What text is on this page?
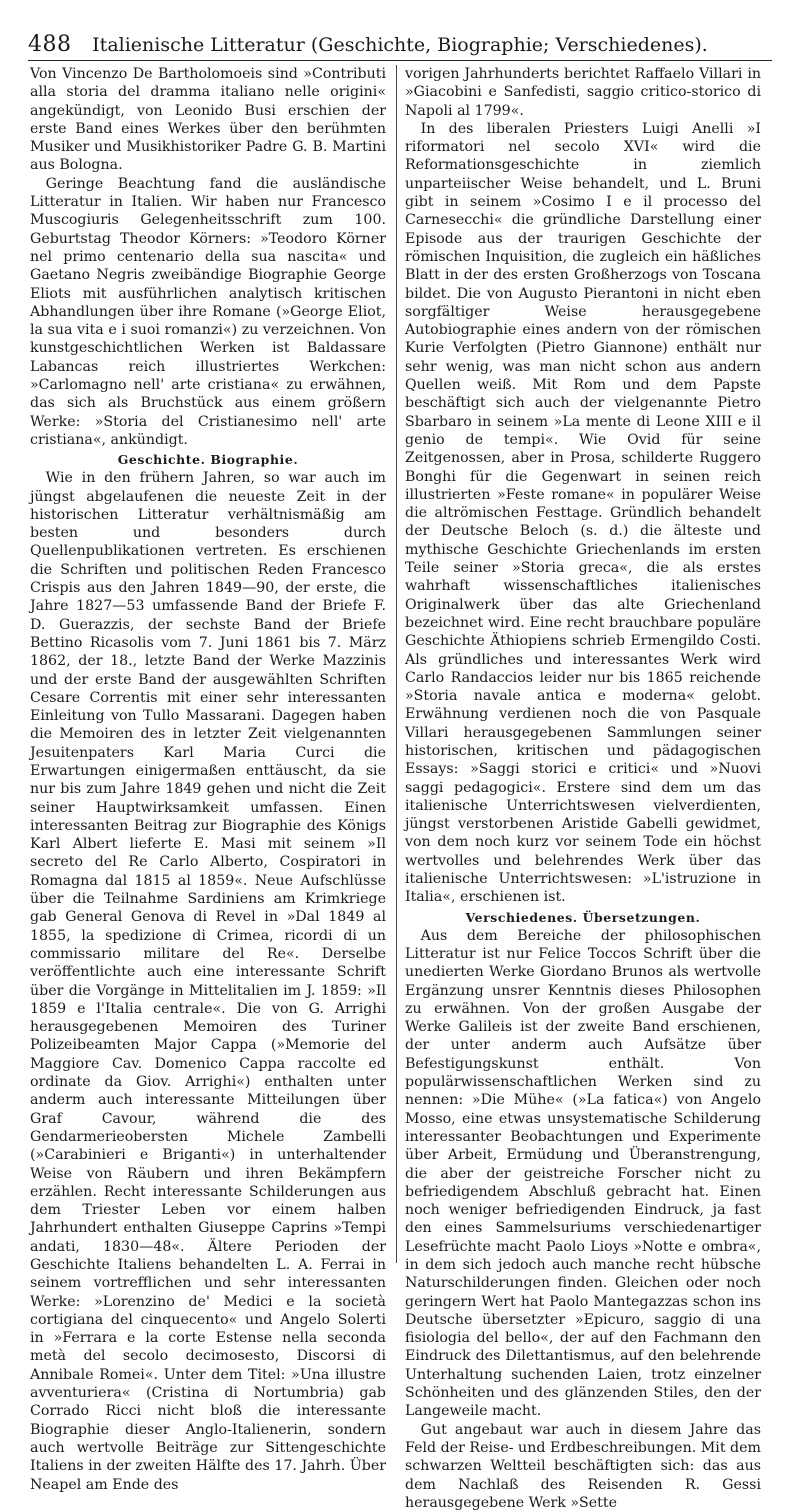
488	Italienische Litteratur (Geschichte, Biographie; Verschiedenes).

Von Vincenzo De Bartholomoeis sind »Contributi alla storia del dramma italiano nelle origini« angekündigt, von Leonido Busi erschien der erste Band eines Werkes über den berühmten Musiker und Musikhistoriker Padre G. B. Martini aus Bologna.

Geringe Beachtung fand die ausländische Litteratur in Italien. Wir haben nur Francesco Muscogiuris Gelegenheitsschrift zum 100. Geburtstag Theodor Körners: »Teodoro Körner nel primo centenario della sua nascita« und Gaetano Negris zweibändige Biographie George Eliots mit ausführlichen analytisch kritischen Abhandlungen über ihre Romane (»George Eliot, la sua vita e i suoi romanzi«) zu verzeichnen. Von kunstgeschichtlichen Werken ist Baldassare Labancas reich illustriertes Werkchen: »Carlomagno nell' arte cristiana« zu erwähnen, das sich als Bruchstück aus einem größern Werke: »Storia del Cristianesimo nell' arte cristiana«, ankündigt.

Geschichte. Biographie.

Wie in den frühern Jahren, so war auch im jüngst abgelaufenen die neueste Zeit in der historischen Litteratur verhältnismäßig am besten und besonders durch Quellenpublikationen vertreten. Es erschienen die Schriften und politischen Reden Francesco Crispis aus den Jahren 1849—90, der erste, die Jahre 1827—53 umfassende Band der Briefe F. D. Guerazzis, der sechste Band der Briefe Bettino Ricasolis vom 7. Juni 1861 bis 7. März 1862, der 18., letzte Band der Werke Mazzinis und der erste Band der ausgewählten Schriften Cesare Correntis mit einer sehr interessanten Einleitung von Tullo Massarani. Dagegen haben die Memoiren des in letzter Zeit vielgenannten Jesuitenpaters Karl Maria Curci die Erwartungen einigermaßen enttäuscht, da sie nur bis zum Jahre 1849 gehen und nicht die Zeit seiner Hauptwirksamkeit umfassen. Einen interessanten Beitrag zur Biographie des Königs Karl Albert lieferte E. Masi mit seinem »Il secreto del Re Carlo Alberto, Cospiratori in Romagna dal 1815 al 1859«. Neue Aufschlüsse über die Teilnahme Sardiniens am Krimkriege gab General Genova di Revel in »Dal 1849 al 1855, la spedizione di Crimea, ricordi di un commissario militare del Re«. Derselbe veröffentlichte auch eine interessante Schrift über die Vorgänge in Mittelitalien im J. 1859: »Il 1859 e l'Italia centrale«. Die von G. Arrighi herausgegebenen Memoiren des Turiner Polizeibeamten Major Cappa (»Memorie del Maggiore Cav. Domenico Cappa raccolte ed ordinate da Giov. Arrighi«) enthalten unter anderm auch interessante Mitteilungen über Graf Cavour, während die des Gendarmerieobersten Michele Zambelli (»Carabinieri e Briganti«) in unterhaltender Weise von Räubern und ihren Bekämpfern erzählen. Recht interessante Schilderungen aus dem Triester Leben vor einem halben Jahrhundert enthalten Giuseppe Caprins »Tempi andati, 1830—48«. Ältere Perioden der Geschichte Italiens behandelten L. A. Ferrai in seinem vortrefflichen und sehr interessanten Werke: »Lorenzino de' Medici e la società cortigiana del cinquecento« und Angelo Solerti in »Ferrara e la corte Estense nella seconda metà del secolo decimosesto, Discorsi di Annibale Romei«. Unter dem Titel: »Una illustre avventuriera« (Cristina di Nortumbria) gab Corrado Ricci nicht bloß die interessante Biographie dieser Anglo-Italienerin, sondern auch wertvolle Beiträge zur Sittengeschichte Italiens in der zweiten Hälfte des 17. Jahrh. Über Neapel am Ende des

vorigen Jahrhunderts berichtet Raffaelo Villari in »Giacobini e Sanfedisti, saggio critico-storico di Napoli al 1799«.

In des liberalen Priesters Luigi Anelli »I riformatori nel secolo XVI« wird die Reformationsgeschichte in ziemlich unparteiischer Weise behandelt, und L. Bruni gibt in seinem »Cosimo I e il processo del Carnesecchi« die gründliche Darstellung einer Episode aus der traurigen Geschichte der römischen Inquisition, die zugleich ein häßliches Blatt in der des ersten Großherzogs von Toscana bildet. Die von Augusto Pierantoni in nicht eben sorgfältiger Weise herausgegebene Autobiographie eines andern von der römischen Kurie Verfolgten (Pietro Giannone) enthält nur sehr wenig, was man nicht schon aus andern Quellen weiß. Mit Rom und dem Papste beschäftigt sich auch der vielgenannte Pietro Sbarbaro in seinem »La mente di Leone XIII e il genio de tempi«. Wie Ovid für seine Zeitgenossen, aber in Prosa, schilderte Ruggero Bonghi für die Gegenwart in seinen reich illustrierten »Feste romane« in populärer Weise die altrömischen Festtage. Gründlich behandelt der Deutsche Beloch (s. d.) die älteste und mythische Geschichte Griechenlands im ersten Teile seiner »Storia greca«, die als erstes wahrhaft wissenschaftliches italienisches Originalwerk über das alte Griechenland bezeichnet wird. Eine recht brauchbare populäre Geschichte Äthiopiens schrieb Ermengildo Costi. Als gründliches und interessantes Werk wird Carlo Randaccios leider nur bis 1865 reichende »Storia navale antica e moderna« gelobt. Erwähnung verdienen noch die von Pasquale Villari herausgegebenen Sammlungen seiner historischen, kritischen und pädagogischen Essays: »Saggi storici e critici« und »Nuovi saggi pedagogici«. Erstere sind dem um das italienische Unterrichtswesen vielverdienten, jüngst verstorbenen Aristide Gabelli gewidmet, von dem noch kurz vor seinem Tode ein höchst wertvolles und belehrendes Werk über das italienische Unterrichtswesen: »L'istruzione in Italia«, erschienen ist.

Verschiedenes. Übersetzungen.

Aus dem Bereiche der philosophischen Litteratur ist nur Felice Toccos Schrift über die unedierten Werke Giordano Brunos als wertvolle Ergänzung unsrer Kenntnis dieses Philosophen zu erwähnen. Von der großen Ausgabe der Werke Galileis ist der zweite Band erschienen, der unter anderm auch Aufsätze über Befestigungskunst enthält. Von populärwissenschaftlichen Werken sind zu nennen: »Die Mühe« (»La fatica«) von Angelo Mosso, eine etwas unsystematische Schilderung interessanter Beobachtungen und Experimente über Arbeit, Ermüdung und Überanstrengung, die aber der geistreiche Forscher nicht zu befriedigendem Abschluß gebracht hat. Einen noch weniger befriedigenden Eindruck, ja fast den eines Sammelsuriums verschiedenartiger Lesefrüchte macht Paolo Lioys »Notte e ombra«, in dem sich jedoch auch manche recht hübsche Naturschilderungen finden. Gleichen oder noch geringern Wert hat Paolo Mantegazzas schon ins Deutsche übersetzter »Epicuro, saggio di una fisiologia del bello«, der auf den Fachmann den Eindruck des Dilettantismus, auf den belehrende Unterhaltung suchenden Laien, trotz einzelner Schönheiten und des glänzenden Stiles, den der Langeweile macht.

Gut angebaut war auch in diesem Jahre das Feld der Reise- und Erdbeschreibungen. Mit dem schwarzen Weltteil beschäftigten sich: das aus dem Nachlaß des Reisenden R. Gessi herausgegebene Werk »Sette
